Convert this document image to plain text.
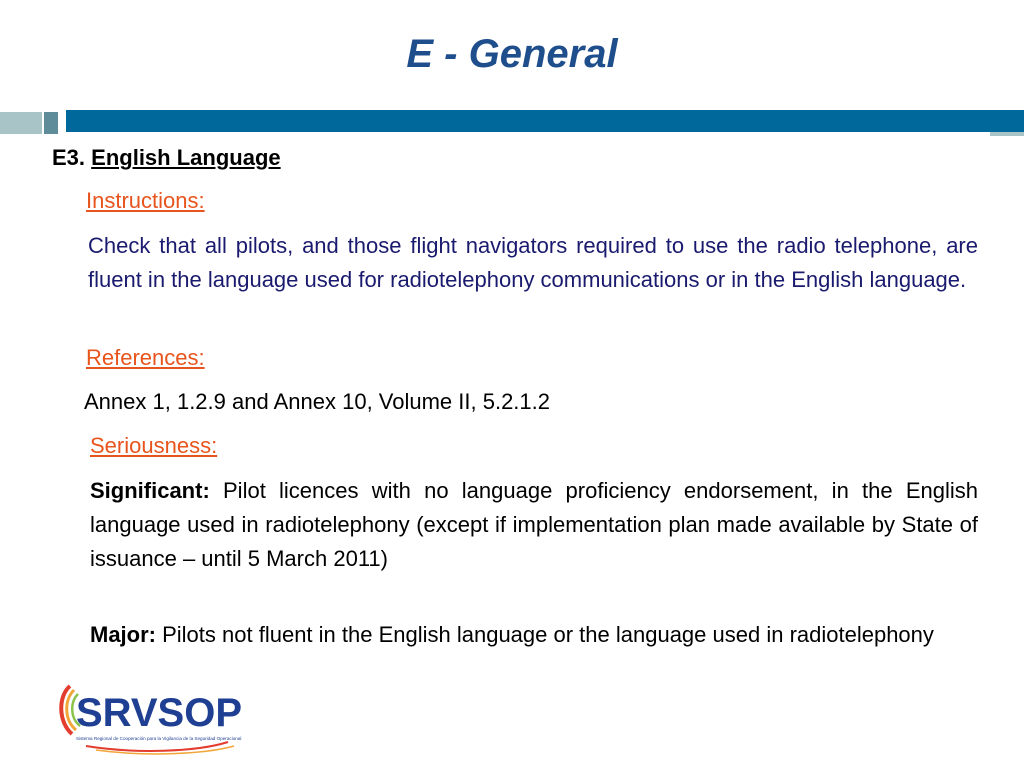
E - General

E3. English Language

Instructions:

Check that all pilots, and those flight navigators required to use the radio telephone, are fluent in the language used for radiotelephony communications or in the English language.

References:

Annex 1, 1.2.9 and Annex 10, Volume II, 5.2.1.2

Seriousness:

Significant: Pilot licences with no language proficiency endorsement, in the English language used in radiotelephony (except if implementation plan made available by State of issuance – until 5 March 2011)

Major: Pilots not fluent in the English language or the language used in radiotelephony

SRVSOP
Sistema Regional de Cooperación para la Vigilancia de la Seguridad Operacional
